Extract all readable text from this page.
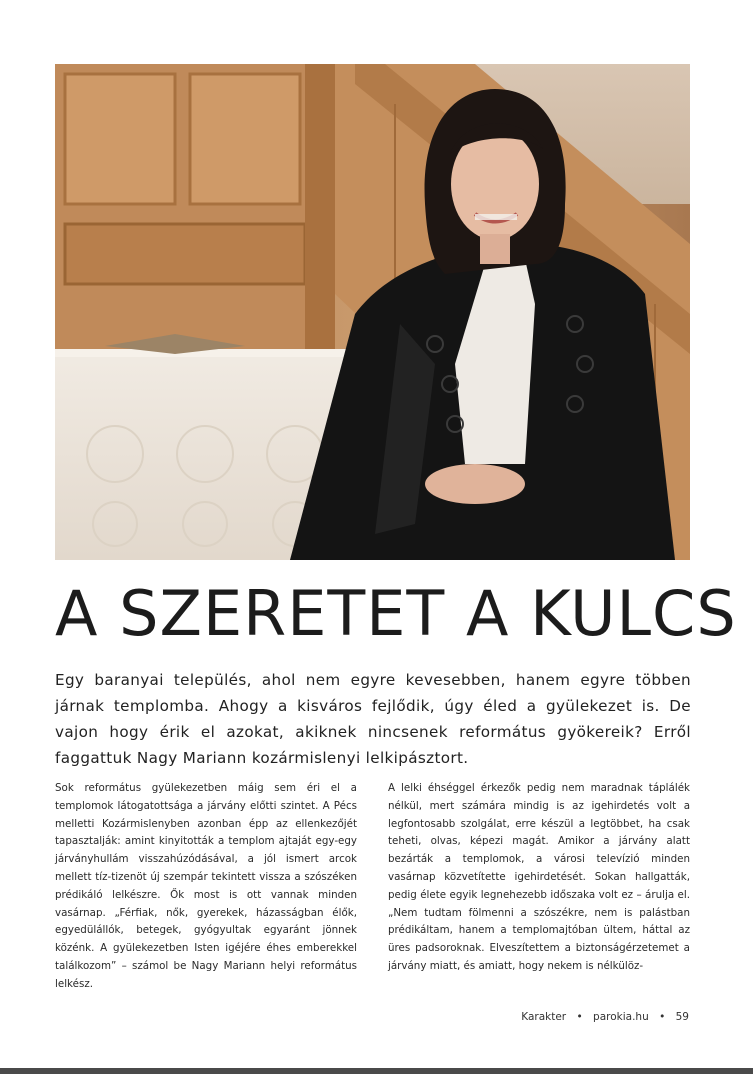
A SZERETET A KULCS
Egy baranyai település, ahol nem egyre kevesebben, hanem egyre többen járnak templomba. Ahogy a kisváros fejlődik, úgy éled a gyülekezet is. De vajon hogy érik el azokat, akiknek nincsenek református gyökereik? Erről faggattuk Nagy Mariann kozármislenyi lelkipásztort.
Sok református gyülekezetben máig sem éri el a templomok látogatottsága a járvány előtti szintet. A Pécs melletti Kozármislenyben azonban épp az ellenkezőjét tapasztalják: amint kinyitották a templom ajtaját egy-egy járványhullám visszahúzódásával, a jól ismert arcok mellett tíz-tizenöt új szempár tekintett vissza a szószéken prédikáló lelkészre. Ők most is ott vannak minden vasárnap. „Férfiak, nők, gyerekek, házasságban élők, egyedülállók, betegek, gyógyultak egyaránt jönnek közénk. A gyülekezetben Isten igéjére éhes emberekkel találkozom” – számol be Nagy Mariann helyi református lelkész.
A lelki éhséggel érkezők pedig nem maradnak táplálék nélkül, mert számára mindig is az igehirdetés volt a legfontosabb szolgálat, erre készül a legtöbbet, ha csak teheti, olvas, képezi magát. Amikor a járvány alatt bezárták a templomok, a városi televízió minden vasárnap közvetítette igehirdetését. Sokan hallgatták, pedig élete egyik legnehezebb időszaka volt ez – árulja el. „Nem tudtam fölmenni a szószékre, nem is palástban prédikáltam, hanem a templomajtóban ültem, háttal az üres padsoroknak. Elveszítettem a biztonságérzetemet a járvány miatt, és amiatt, hogy nekem is nélkülöz-
Karakter • parokia.hu • 59
